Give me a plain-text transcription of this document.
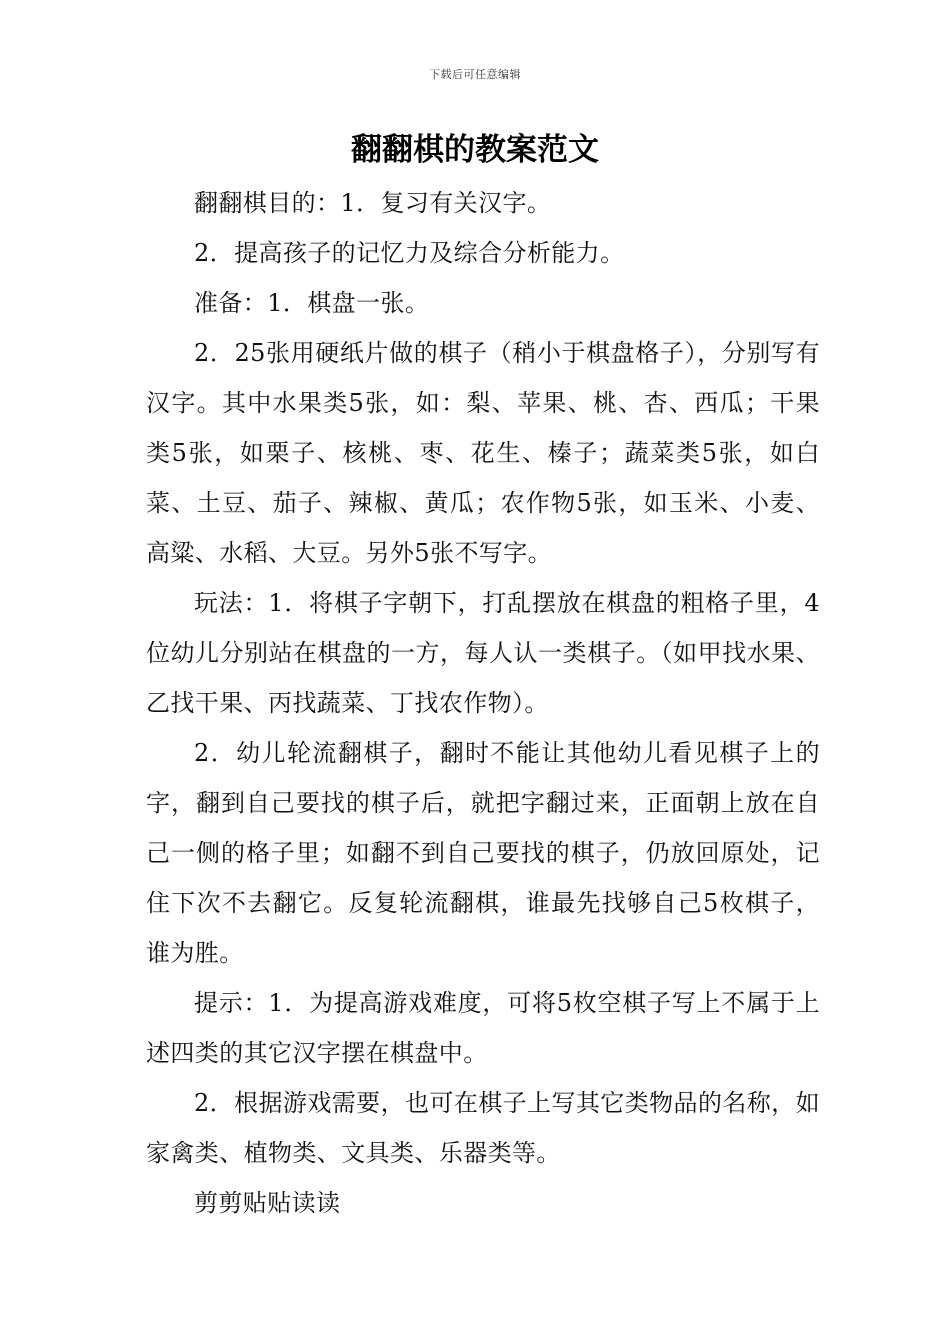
下载后可任意编辑
翻翻棋的教案范文

翻翻棋目的：1．复习有关汉字。

2．提高孩子的记忆力及综合分析能力。

准备：1．棋盘一张。

2．25张用硬纸片做的棋子（稍小于棋盘格子），分别写有汉字。其中水果类5张，如：梨、苹果、桃、杏、西瓜；干果类5张，如栗子、核桃、枣、花生、榛子；蔬菜类5张，如白菜、土豆、茄子、辣椒、黄瓜；农作物5张，如玉米、小麦、高粱、水稻、大豆。另外5张不写字。

玩法：1．将棋子字朝下，打乱摆放在棋盘的粗格子里，4位幼儿分别站在棋盘的一方，每人认一类棋子。（如甲找水果、乙找干果、丙找蔬菜、丁找农作物）。

2．幼儿轮流翻棋子，翻时不能让其他幼儿看见棋子上的字，翻到自己要找的棋子后，就把字翻过来，正面朝上放在自己一侧的格子里；如翻不到自己要找的棋子，仍放回原处，记住下次不去翻它。反复轮流翻棋，谁最先找够自己5枚棋子，谁为胜。

提示：1．为提高游戏难度，可将5枚空棋子写上不属于上述四类的其它汉字摆在棋盘中。

2．根据游戏需要，也可在棋子上写其它类物品的名称，如家禽类、植物类、文具类、乐器类等。

剪剪贴贴读读
